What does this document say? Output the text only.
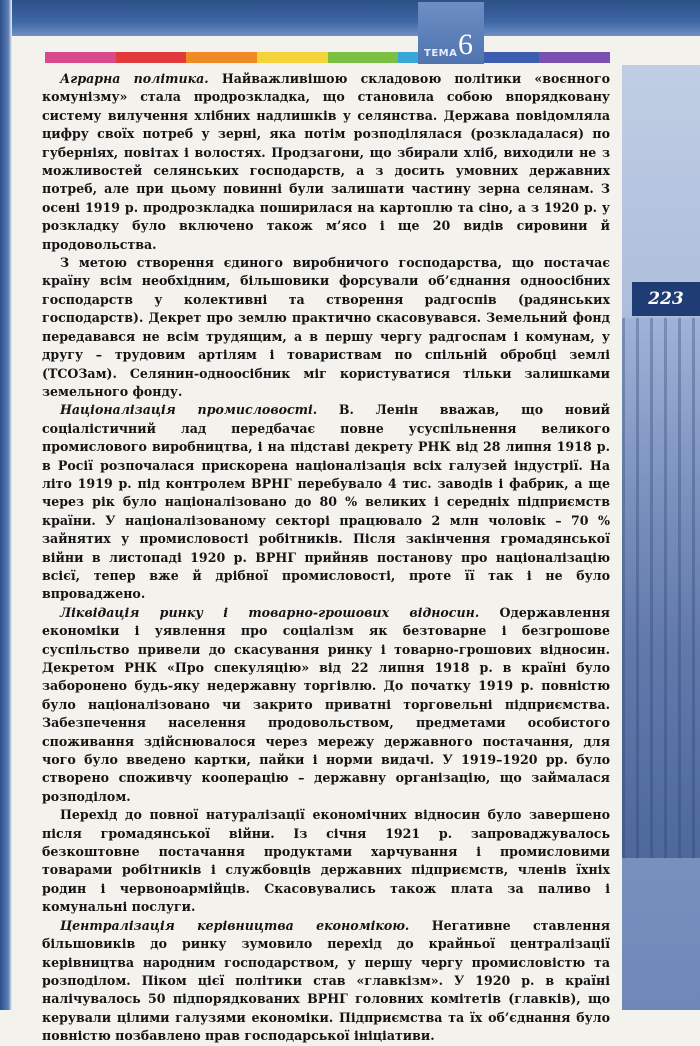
ТЕМА 6
223

Аграрна політика. Найважливішою складовою політики «воєнного комунізму» стала продрозкладка, що становила собою впорядковану систему вилучення хлібних надлишків у селянства. Держава повідомляла цифру своїх потреб у зерні, яка потім розподілялася (розкладалася) по губерніях, повітах і волостях. Продзагони, що збирали хліб, виходили не з можливостей селянських господарств, а з досить умовних державних потреб, але при цьому повинні були залишати частину зерна селянам. З осені 1919 р. продрозкладка поширилася на картоплю та сіно, а з 1920 р. у розкладку було включено також м’ясо і ще 20 видів сировини й продовольства.

З метою створення єдиного виробничого господарства, що постачає країну всім необхідним, більшовики форсували об’єднання одноосібних господарств у колективні та створення радгоспів (радянських господарств). Декрет про землю практично скасовувався. Земельний фонд передавався не всім трудящим, а в першу чергу радгоспам і комунам, у другу – трудовим артілям і товариствам по спільній обробці землі (ТСОЗам). Селянин-одноосібник міг користуватися тільки залишками земельного фонду.

Націоналізація промисловості. В. Ленін вважав, що новий соціалістичний лад передбачає повне усуспільнення великого промислового виробництва, і на підставі декрету РНК від 28 липня 1918 р. в Росії розпочалася прискорена націоналізація всіх галузей індустрії. На літо 1919 р. під контролем ВРНГ перебувало 4 тис. заводів і фабрик, а ще через рік було націоналізовано до 80 % великих і середніх підприємств країни. У націоналізованому секторі працювало 2 млн чоловік – 70 % зайнятих у промисловості робітників. Після закінчення громадянської війни в листопаді 1920 р. ВРНГ прийняв постанову про націоналізацію всієї, тепер вже й дрібної промисловості, проте її так і не було впроваджено.

Ліквідація ринку і товарно-грошових відносин. Одержавлення економіки і уявлення про соціалізм як безтоварне і безгрошове суспільство привели до скасування ринку і товарно-грошових відносин. Декретом РНК «Про спекуляцію» від 22 липня 1918 р. в країні було заборонено будь-яку недержавну торгівлю. До початку 1919 р. повністю було націоналізовано чи закрито приватні торговельні підприємства. Забезпечення населення продовольством, предметами особистого споживання здійснювалося через мережу державного постачання, для чого було введено картки, пайки і норми видачі. У 1919–1920 рр. було створено споживчу кооперацію – державну організацію, що займалася розподілом.

Перехід до повної натуралізації економічних відносин було завершено після громадянської війни. Із січня 1921 р. запроваджувалось безкоштовне постачання продуктами харчування і промисловими товарами робітників і службовців державних підприємств, членів їхніх родин і червоноармійців. Скасовувались також плата за паливо і комунальні послуги.

Централізація керівництва економікою. Негативне ставлення більшовиків до ринку зумовило перехід до крайньої централізації керівництва народним господарством, у першу чергу промисловістю та розподілом. Піком цієї політики став «главкізм». У 1920 р. в країні налічувалось 50 підпорядкованих ВРНГ головних комітетів (главків), що керували цілими галузями економіки. Підприємства та їх об’єднання було повністю позбавлено прав господарської ініціативи.
